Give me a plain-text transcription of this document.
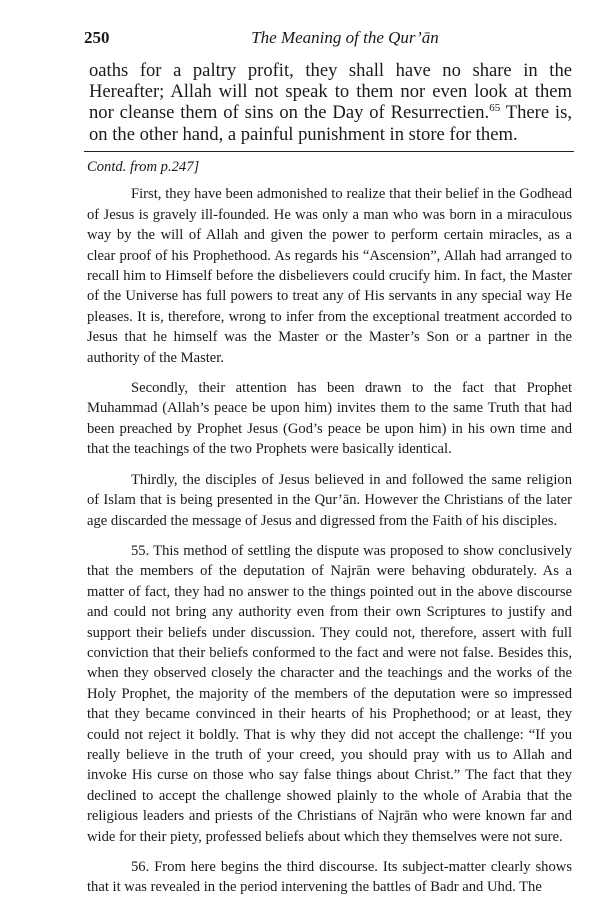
250	The Meaning of the Qur’ān

oaths for a paltry profit, they shall have no share in the Hereafter; Allah will not speak to them nor even look at them nor cleanse them of sins on the Day of Resurrectien.$^{65}$ There is, on the other hand, a painful punishment in store for them.

Contd. from p.247]

First, they have been admonished to realize that their belief in the Godhead of Jesus is gravely ill-founded. He was only a man who was born in a miraculous way by the will of Allah and given the power to perform certain miracles, as a clear proof of his Prophethood. As regards his “Ascension”, Allah had arranged to recall him to Himself before the disbelievers could crucify him. In fact, the Master of the Universe has full powers to treat any of His servants in any special way He pleases. It is, therefore, wrong to infer from the exceptional treatment accorded to Jesus that he himself was the Master or the Master’s Son or a partner in the authority of the Master.

Secondly, their attention has been drawn to the fact that Prophet Muhammad (Allah’s peace be upon him) invites them to the same Truth that had been preached by Prophet Jesus (God’s peace be upon him) in his own time and that the teachings of the two Prophets were basically identical.

Thirdly, the disciples of Jesus believed in and followed the same religion of Islam that is being presented in the Qur’ān. However the Christians of the later age discarded the message of Jesus and digressed from the Faith of his disciples.

55. This method of settling the dispute was proposed to show conclusively that the members of the deputation of Najrān were behaving obdurately. As a matter of fact, they had no answer to the things pointed out in the above discourse and could not bring any authority even from their own Scriptures to justify and support their beliefs under discussion. They could not, therefore, assert with full conviction that their beliefs conformed to the fact and were not false. Besides this, when they observed closely the character and the teachings and the works of the Holy Prophet, the majority of the members of the deputation were so impressed that they became convinced in their hearts of his Prophethood; or at least, they could not reject it boldly. That is why they did not accept the challenge: “If you really believe in the truth of your creed, you should pray with us to Allah and invoke His curse on those who say false things about Christ.” The fact that they declined to accept the challenge showed plainly to the whole of Arabia that the religious leaders and priests of the Christians of Najrān who were known far and wide for their piety, professed beliefs about which they themselves were not sure.

56. From here begins the third discourse. Its subject-matter clearly shows that it was revealed in the period intervening the battles of Badr and Uhd. The
